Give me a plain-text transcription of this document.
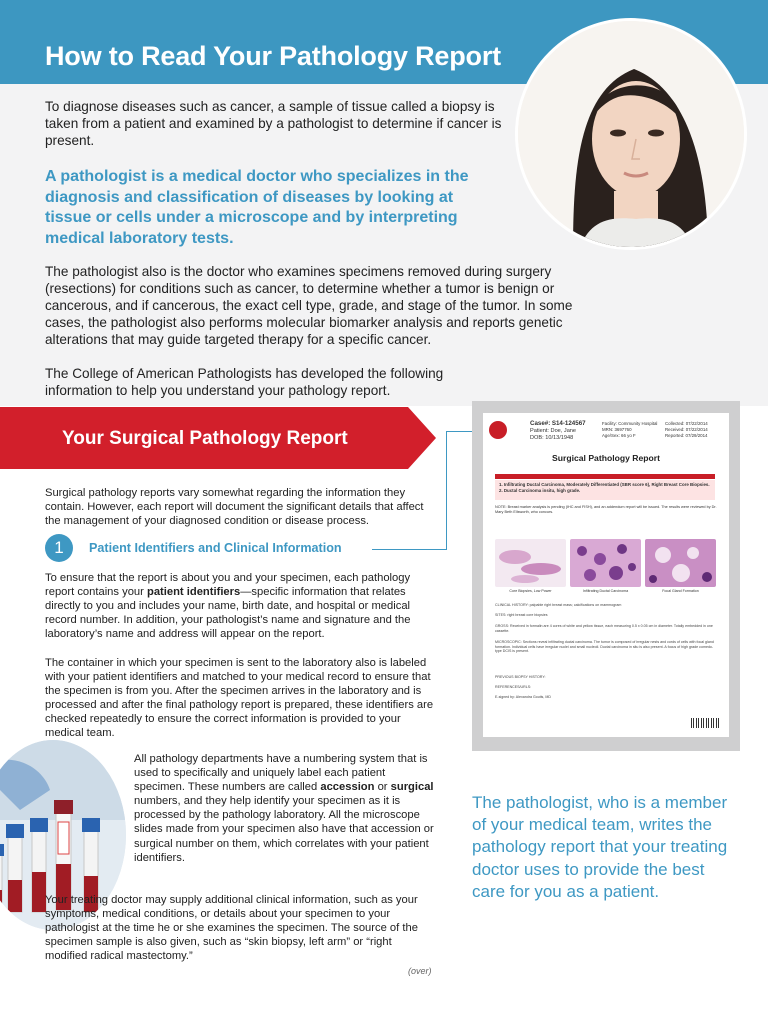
How to Read Your Pathology Report

To diagnose diseases such as cancer, a sample of tissue called a biopsy is taken from a patient and examined by a pathologist to determine if cancer is present.

A pathologist is a medical doctor who specializes in the diagnosis and classification of diseases by looking at tissue or cells under a microscope and by interpreting medical laboratory tests.

The pathologist also is the doctor who examines specimens removed during surgery (resections) for conditions such as cancer, to determine whether a tumor is benign or cancerous, and if cancerous, the exact cell type, grade, and stage of the tumor. In some cases, the pathologist also performs molecular biomarker analysis and reports genetic alterations that may guide targeted therapy for a specific cancer.

The College of American Pathologists has developed the following information to help you understand your pathology report.

Your Surgical Pathology Report

Surgical pathology reports vary somewhat regarding the information they contain. However, each report will document the significant details that affect the management of your diagnosed condition or disease process.

1	Patient Identifiers and Clinical Information

To ensure that the report is about you and your specimen, each pathology report contains your patient identifiers—specific information that relates directly to you and includes your name, birth date, and hospital or medical record number. In addition, your pathologist’s name and signature and the laboratory’s name and address will appear on the report.

The container in which your specimen is sent to the laboratory also is labeled with your patient identifiers and matched to your medical record to ensure that the specimen is from you. After the specimen arrives in the laboratory and is processed and after the final pathology report is prepared, these identifiers are checked repeatedly to ensure the correct information is provided to your medical team.

All pathology departments have a numbering system that is used to specifically and uniquely label each patient specimen. These numbers are called accession or surgical numbers, and they help identify your specimen as it is processed by the pathology laboratory. All the microscope slides made from your specimen also have that accession or surgical number on them, which correlates with your patient identifiers.

Your treating doctor may supply additional clinical information, such as your symptoms, medical conditions, or details about your specimen to your pathologist at the time he or she examines the specimen. The source of the specimen sample is also given, such as “skin biopsy, left arm” or “right modified radical mastectomy.”

(over)
Case#: S14-124567
Patient: Doe, Jane
DOB: 10/13/1948
Facility: Community Hospital
MRN: 3697760
Age/Sex: 66 yo F
Collected: 07/22/2014
Received: 07/22/2014
Reported: 07/29/2014
Surgical Pathology Report
1. Infiltrating Ductal Carcinoma, Moderately Differentiated (SBR score 6), Right Breast Core Biopsies.
2. Ductal Carcinoma insitu, high grade.
NOTE: Breast marker analysis is pending (IHC and FISH), and an addendum report will be issued. The results were reviewed by Dr. Mary Beth Ellsworth, who concurs.
Core Biopsies, Low Power	Infiltrating Ductal Carcinoma	Focal Gland Formation
CLINICAL HISTORY: palpable right breast mass; calcifications on mammogram
SITES: right breast core biopsies
GROSS: Received in formalin are 4 cores of white and yellow tissue, each measuring 0.5 x 0.05 cm in diameter. Totally embedded in one cassette.
MICROSCOPIC: Sections reveal infiltrating ductal carcinoma. The tumor is composed of irregular nests and cords of cells with focal gland formation. Individual cells have irregular nuclei and small nucleoli. Ductal carcinoma in situ is also present. A focus of high grade comedo-type DCIS is present.
PREVIOUS BIOPSY HISTORY:
REFERENCES/URLS:
E-signed by: Alexandra Goutis, MD

The pathologist, who is a member of your medical team, writes the pathology report that your treating doctor uses to provide the best care for you as a patient.
